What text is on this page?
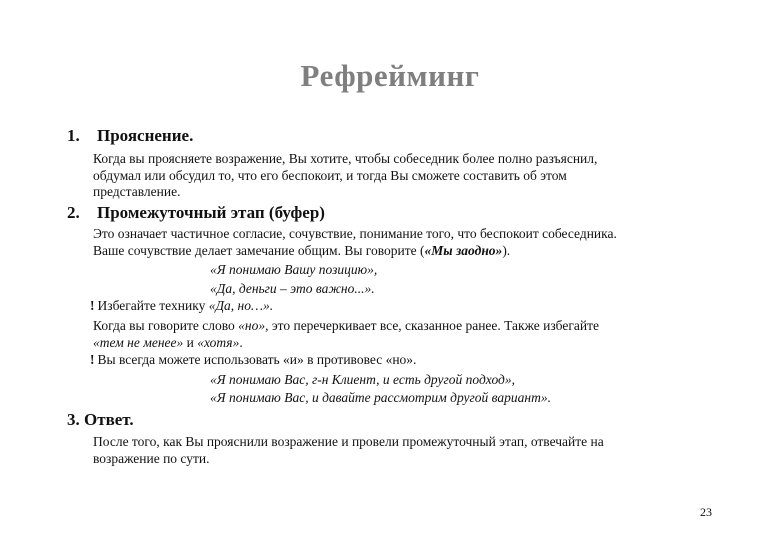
Рефрейминг
1. Прояснение.
Когда вы проясняете возражение, Вы хотите, чтобы собеседник более полно разъяснил,
обдумал или обсудил то, что его беспокоит, и тогда Вы сможете составить об этом
представление.
2. Промежуточный этап (буфер)
Это означает частичное согласие, сочувствие, понимание того, что беспокоит собеседника.
Ваше сочувствие делает замечание общим. Вы говорите («Мы заодно»).
«Я понимаю Вашу позицию»,
«Да, деньги – это важно...».
! Избегайте технику «Да, но…».
Когда вы говорите слово «но», это перечеркивает все, сказанное ранее. Также избегайте
«тем не менее» и «хотя».
! Вы всегда можете использовать «и» в противовес «но».
«Я понимаю Вас, г-н Клиент, и есть другой подход»,
«Я понимаю Вас, и давайте рассмотрим другой вариант».
3. Ответ.
После того, как Вы прояснили возражение и провели промежуточный этап, отвечайте на
возражение по сути.
23
